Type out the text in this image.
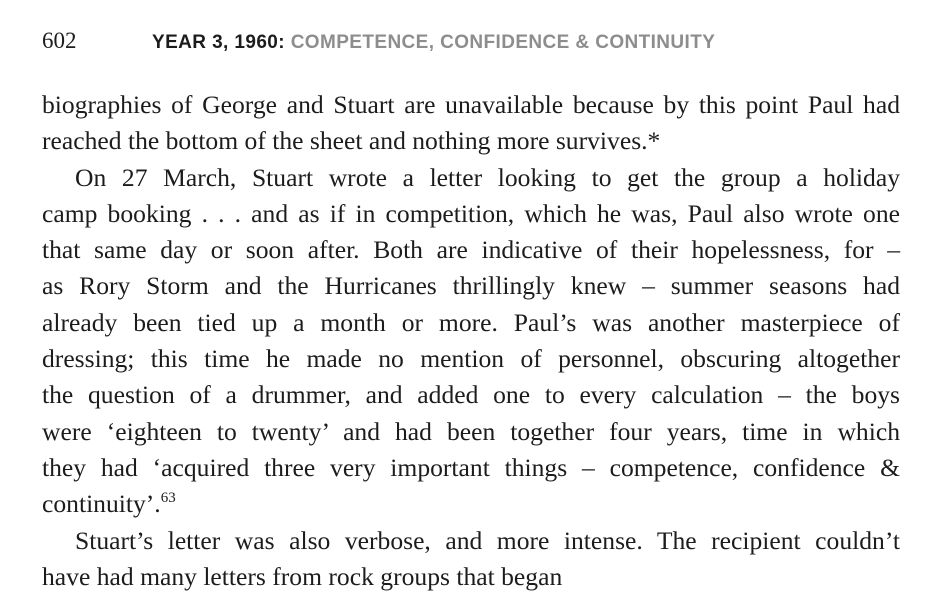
602	YEAR 3, 1960: COMPETENCE, CONFIDENCE & CONTINUITY
biographies of George and Stuart are unavailable because by this point Paul had
reached the bottom of the sheet and nothing more survives.*
On 27 March, Stuart wrote a letter looking to get the group a holiday
camp booking . . . and as if in competition, which he was, Paul also wrote one
that same day or soon after. Both are indicative of their hopelessness, for –
as Rory Storm and the Hurricanes thrillingly knew – summer seasons had
already been tied up a month or more. Paul’s was another masterpiece of
dressing; this time he made no mention of personnel, obscuring altogether
the question of a drummer, and added one to every calculation – the boys
were ‘eighteen to twenty’ and had been together four years, time in which
they had ‘acquired three very important things – competence, confidence &
continuity’.$^{63}$
Stuart’s letter was also verbose, and more intense. The recipient couldn’t
have had many letters from rock groups that began
